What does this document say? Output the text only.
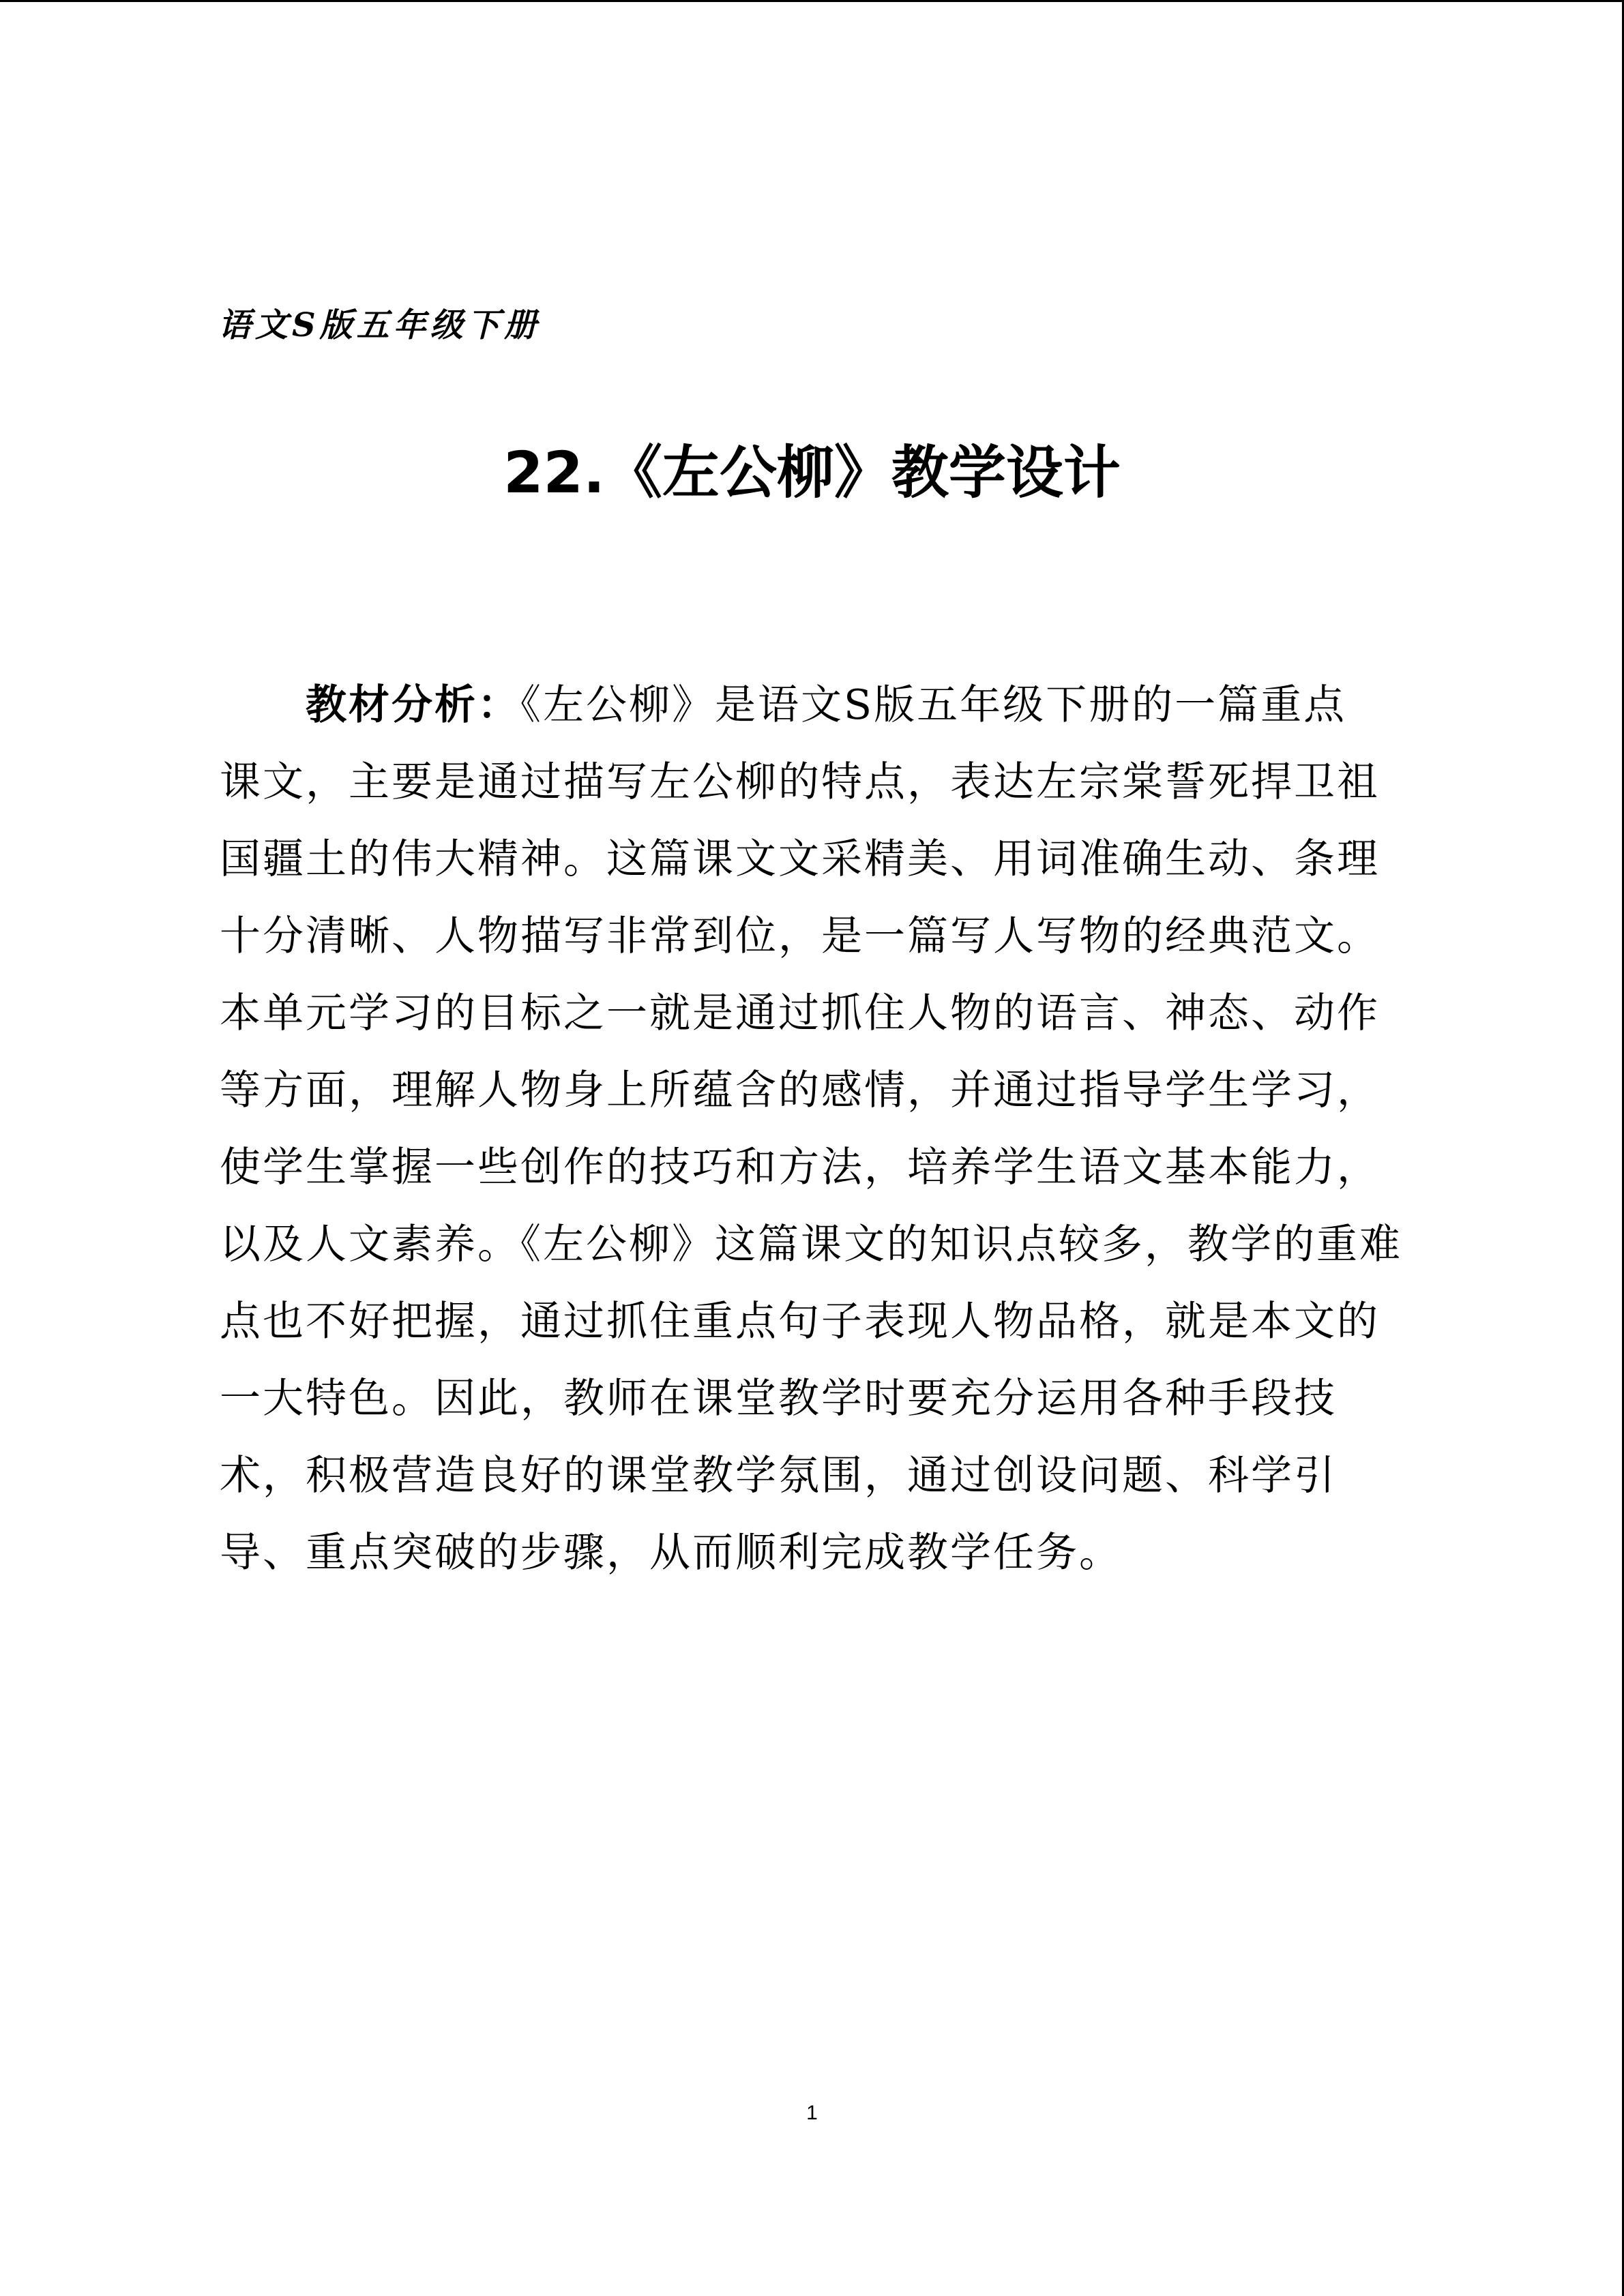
语文S版五年级下册
22.《左公柳》教学设计
教材分析：《左公柳》是语文S版五年级下册的一篇重点
课文，主要是通过描写左公柳的特点，表达左宗棠誓死捍卫祖
国疆土的伟大精神。这篇课文文采精美、用词准确生动、条理
十分清晰、人物描写非常到位，是一篇写人写物的经典范文。
本单元学习的目标之一就是通过抓住人物的语言、神态、动作
等方面，理解人物身上所蕴含的感情，并通过指导学生学习，
使学生掌握一些创作的技巧和方法，培养学生语文基本能力，
以及人文素养。《左公柳》这篇课文的知识点较多，教学的重难
点也不好把握，通过抓住重点句子表现人物品格，就是本文的
一大特色。因此，教师在课堂教学时要充分运用各种手段技
术，积极营造良好的课堂教学氛围，通过创设问题、科学引
导、重点突破的步骤，从而顺利完成教学任务。
1
